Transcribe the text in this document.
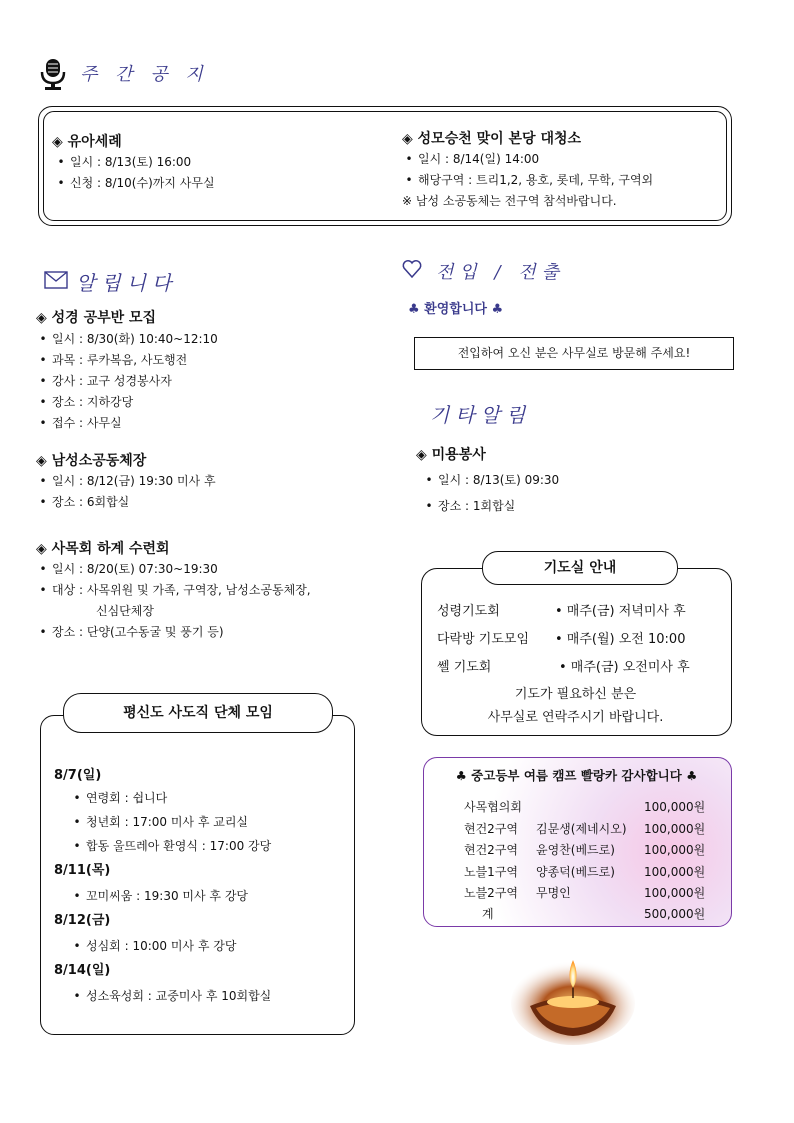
주 간 공 지
◈ 유아세례
• 일시 : 8/13(토) 16:00
• 신청 : 8/10(수)까지 사무실
◈ 성모승천 맞이 본당 대청소
• 일시 : 8/14(일) 14:00
• 해당구역 : 트리1,2, 용호, 롯데, 무학, 구역외
※ 남성 소공동체는 전구역 참석바랍니다.
알립니다
◈ 성경 공부반 모집
• 일시 : 8/30(화) 10:40~12:10
• 과목 : 루카복음, 사도행전
• 강사 : 교구 성경봉사자
• 장소 : 지하강당
• 접수 : 사무실
◈ 남성소공동체장
• 일시 : 8/12(금) 19:30 미사 후
• 장소 : 6회합실
◈ 사목회 하계 수련회
• 일시 : 8/20(토) 07:30~19:30
• 대상 : 사목위원 및 가족, 구역장, 남성소공동체장,
신심단체장
• 장소 : 단양(고수동굴 및 풍기 등)
전입 / 전출
♣ 환영합니다 ♣
전입하여 오신 분은 사무실로 방문해 주세요!
기타알림
◈ 미용봉사
• 일시 : 8/13(토) 09:30
• 장소 : 1회합실
기도실 안내
성령기도회	• 매주(금) 저녁미사 후
다락방 기도모임 • 매주(월) 오전 10:00
쎌 기도회	• 매주(금) 오전미사 후
기도가 필요하신 분은
사무실로 연락주시기 바랍니다.
평신도 사도직 단체 모임
8/7(일)
• 연령회 : 쉽니다
• 청년회 : 17:00 미사 후 교리실
• 합동 울뜨레아 환영식 : 17:00 강당
8/11(목)
• 꼬미씨움 : 19:30 미사 후 강당
8/12(금)
• 성심회 : 10:00 미사 후 강당
8/14(일)
• 성소육성회 : 교중미사 후 10회합실
♣ 중고등부 여름 캠프 빨랑카 감사합니다 ♣
사목협의회	100,000원
현건2구역 김문생(제네시오) 100,000원
현건2구역 윤영찬(베드로) 100,000원
노블1구역 양종덕(베드로) 100,000원
노블2구역 무명인	100,000원
계	500,000원
